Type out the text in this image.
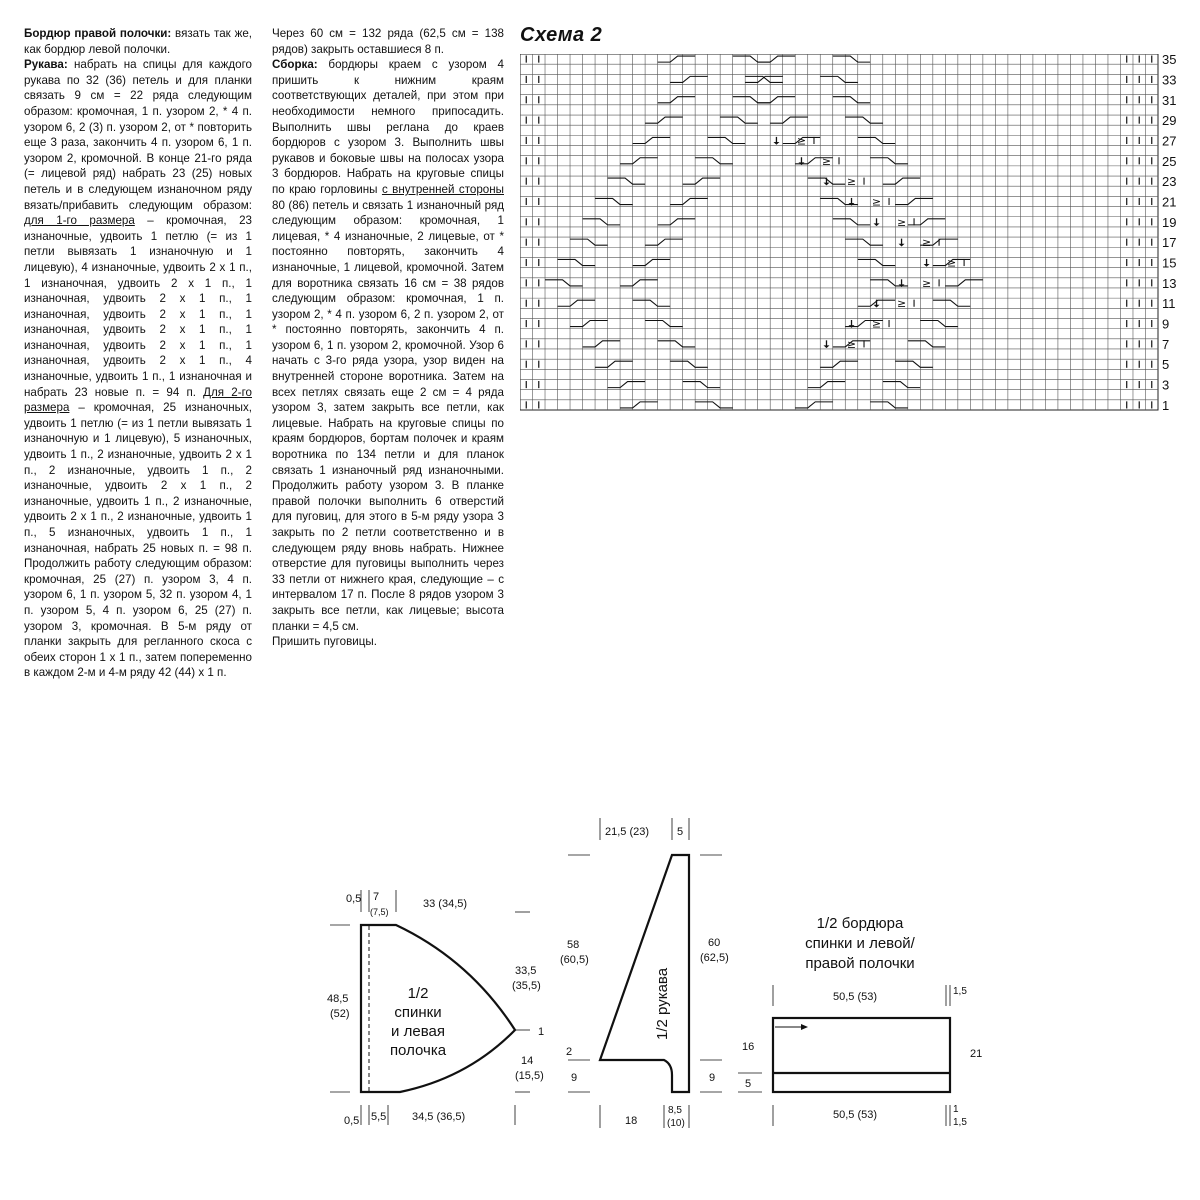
Бордюр правой полочки: вязать так же, как бордюр левой полочки.

Рукава: набрать на спицы для каждого рукава по 32 (36) петель и для планки связать 9 см = 22 ряда следующим образом: кромочная, 1 п. узором 2, * 4 п. узором 6, 2 (3) п. узором 2, от * повторить еще 3 раза, закончить 4 п. узором 6, 1 п. узором 2, кромочной. В конце 21-го ряда (= лицевой ряд) набрать 23 (25) новых петель и в следующем изнаночном ряду вязать/прибавить следующим образом: для 1-го размера – кромочная, 23 изнаночные, удвоить 1 петлю (= из 1 петли вывязать 1 изнаночную и 1 лицевую), 4 изнаночные, удвоить 2 х 1 п., 1 изнаночная, удвоить 2 х 1 п., 1 изнаночная, удвоить 2 х 1 п., 1 изнаночная, удвоить 2 х 1 п., 1 изнаночная, удвоить 2 х 1 п., 1 изнаночная, удвоить 2 х 1 п., 1 изнаночная, удвоить 2 х 1 п., 4 изнаночные, удвоить 1 п., 1 изнаночная и набрать 23 новые п. = 94 п. Для 2-го размера – кромочная, 25 изнаночных, удвоить 1 петлю (= из 1 петли вывязать 1 изнаночную и 1 лицевую), 5 изнаночных, удвоить 1 п., 2 изнаночные, удвоить 2 х 1 п., 2 изнаночные, удвоить 1 п., 2 изнаночные, удвоить 2 х 1 п., 2 изнаночные, удвоить 1 п., 2 изнаночные, удвоить 2 х 1 п., 2 изнаночные, удвоить 1 п., 5 изнаночных, удвоить 1 п., 1 изнаночная, набрать 25 новых п. = 98 п. Продолжить работу следующим образом: кромочная, 25 (27) п. узором 3, 4 п. узором 6, 1 п. узором 5, 32 п. узором 4, 1 п. узором 5, 4 п. узором 6, 25 (27) п. узором 3, кромочная. В 5-м ряду от планки закрыть для регланного скоса с обеих сторон 1 х 1 п., затем попеременно в каждом 2-м и 4-м ряду 42 (44) х 1 п.

Через 60 см = 132 ряда (62,5 см = 138 рядов) закрыть оставшиеся 8 п.

Сборка: бордюры краем с узором 4 пришить к нижним краям соответствующих деталей, при этом при необходимости немного припосадить. Выполнить швы реглана до краев бордюров с узором 3. Выполнить швы рукавов и боковые швы на полосах узора 3 бордюров. Набрать на круговые спицы по краю горловины с внутренней стороны 80 (86) петель и связать 1 изнаночный ряд следующим образом: кромочная, 1 лицевая, * 4 изнаночные, 2 лицевые, от * постоянно повторять, закончить 4 изнаночные, 1 лицевой, кромочной. Затем для воротника связать 16 см = 38 рядов следующим образом: кромочная, 1 п. узором 2, * 4 п. узором 6, 2 п. узором 2, от * постоянно повторять, закончить 4 п. узором 6, 1 п. узором 2, кромочной. Узор 6 начать с 3-го ряда узора, узор виден на внутренней стороне воротника. Затем на всех петлях связать еще 2 см = 4 ряда узором 3, затем закрыть все петли, как лицевые. Набрать на круговые спицы по краям бордюров, бортам полочек и краям воротника по 134 петли и для планок связать 1 изнаночный ряд изнаночными. Продолжить работу узором 3. В планке правой полочки выполнить 6 отверстий для пуговиц, для этого в 5-м ряду узора 3 закрыть по 2 петли соответственно и в следующем ряду вновь набрать. Нижнее отверстие для пуговицы выполнить через 33 петли от нижнего края, следующие – с интервалом 17 п. После 8 рядов узором 3 закрыть все петли, как лицевые; высота планки = 4,5 см.

Пришить пуговицы.

Схема 2
≥
≥
≥
≥
≥
≥
≥
≥
≥
≥
≥
35
33
31
29
27
25
23
21
19
17
15
13
11
9
7
5
3
1
0,5 7
(7,5)
33 (34,5)
48,5
(52)
33,5
(35,5)
1
14
(15,5)
0,5 5,5 34,5 (36,5)
1/2
спинки
и левая
полочка
21,5 (23)	5
58
(60,5)
60
(62,5)
2
9	9
18
8,5
(10)
1/2 рукава
1/2 бордюра
спинки и левой/
правой полочки
50,5 (53)	1,5
16
5
21
50,5 (53)	1
1,5
